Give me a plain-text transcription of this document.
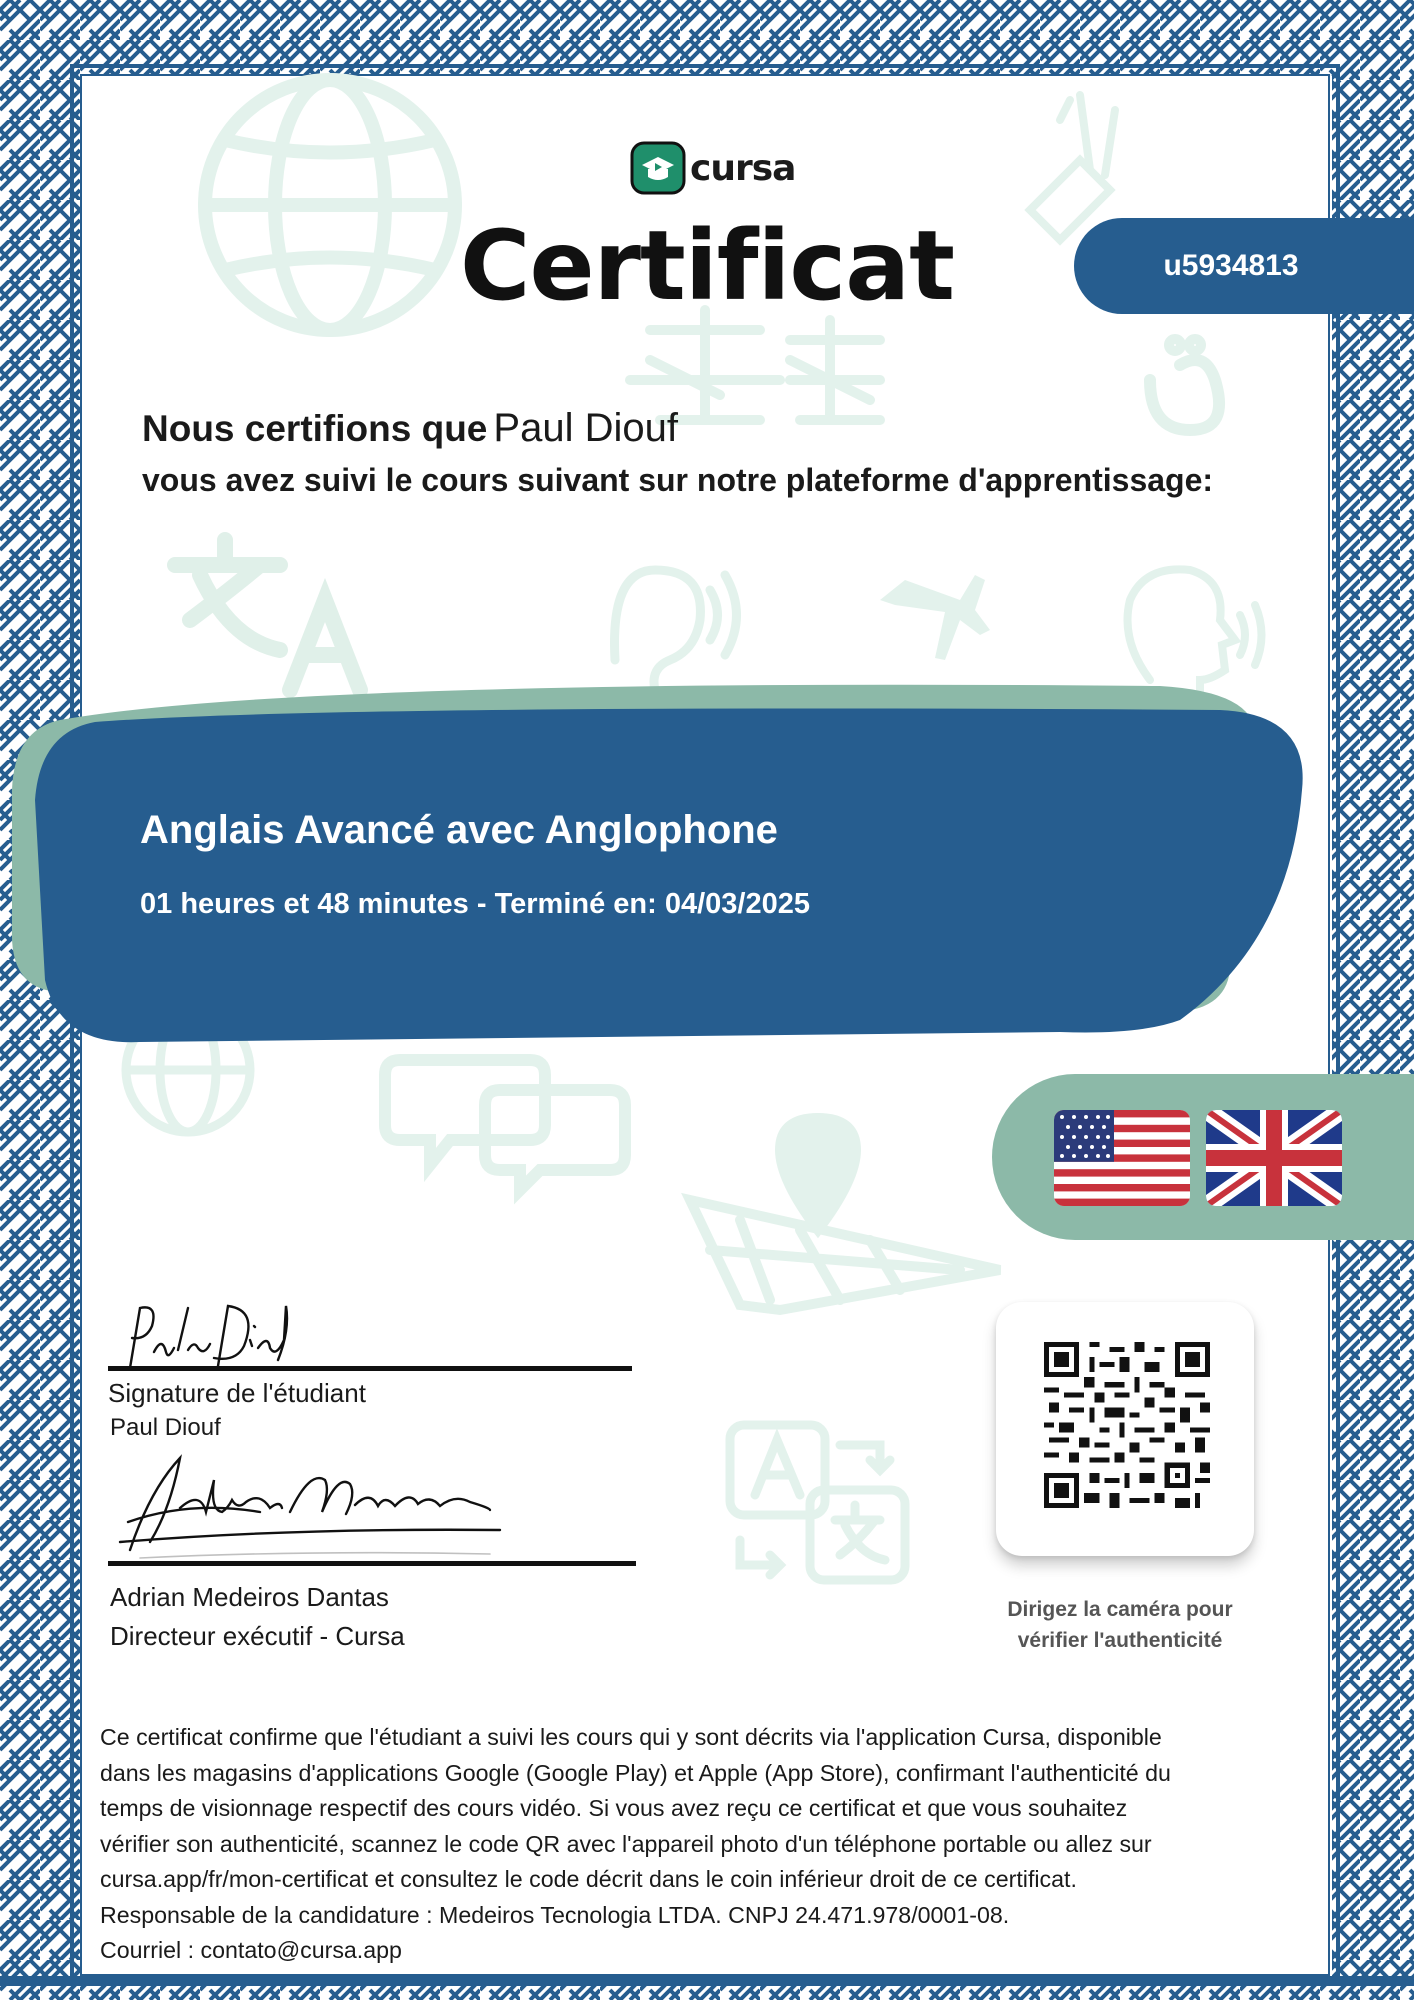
cursa
Certificat	u5934813
Nous certifions que Paul Diouf
vous avez suivi le cours suivant sur notre plateforme d'apprentissage:
Anglais Avancé avec Anglophone
01 heures et 48 minutes - Terminé en: 04/03/2025
Signature de l'étudiant
Paul Diouf
Adrian Medeiros Dantas
Directeur exécutif - Cursa
Dirigez la caméra pour
vérifier l'authenticité

Ce certificat confirme que l'étudiant a suivi les cours qui y sont décrits via l'application Cursa, disponible

dans les magasins d'applications Google (Google Play) et Apple (App Store), confirmant l'authenticité du

temps de visionnage respectif des cours vidéo. Si vous avez reçu ce certificat et que vous souhaitez

vérifier son authenticité, scannez le code QR avec l'appareil photo d'un téléphone portable ou allez sur

cursa.app/fr/mon-certificat et consultez le code décrit dans le coin inférieur droit de ce certificat.

Responsable de la candidature : Medeiros Tecnologia LTDA. CNPJ 24.471.978/0001-08.

Courriel : contato@cursa.app
